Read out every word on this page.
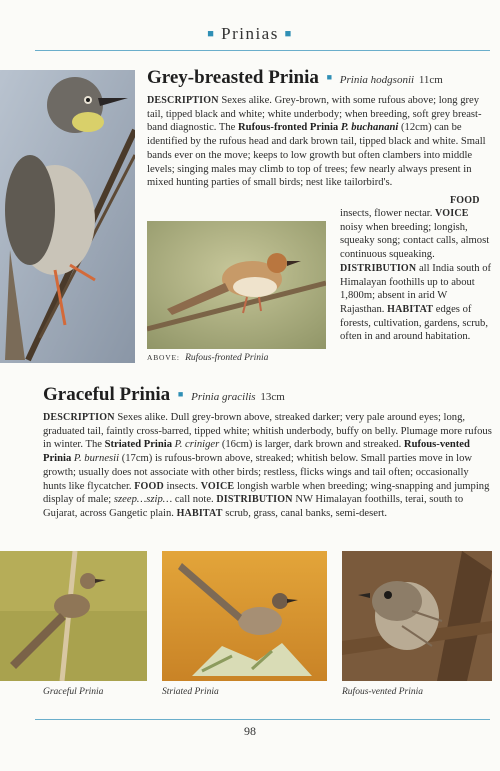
■ Prinias ■
Grey-breasted Prinia ■ Prinia hodgsonii 11cm
DESCRIPTION Sexes alike. Grey-brown, with some rufous above; long grey tail, tipped black and white; white underbody; when breeding, soft grey breast-band diagnostic. The Rufous-fronted Prinia P. buchanani (12cm) can be identified by the rufous head and dark brown tail, tipped black and white. Small bands ever on the move; keeps to low growth but often clambers into middle levels; singing males may climb to top of trees; few nearly always present in mixed hunting parties of small birds; nest like tailorbird's.
ABOVE: Rufous-fronted Prinia
insects, flower nectar. VOICE noisy when breeding; longish, squeaky song; contact calls, almost continuous squeaking. DISTRIBUTION all India south of Himalayan foothills up to about 1,800m; absent in arid W Rajasthan. HABITAT edges of forests, cultivation, gardens, scrub, often in and around habitation.
FOOD
Graceful Prinia ■ Prinia gracilis 13cm
DESCRIPTION Sexes alike. Dull grey-brown above, streaked darker; very pale around eyes; long, graduated tail, faintly cross-barred, tipped white; whitish underbody, buffy on belly. Plumage more rufous in winter. The Striated Prinia P. criniger (16cm) is larger, dark brown and streaked. Rufous-vented Prinia P. burnesii (17cm) is rufous-brown above, streaked; whitish below. Small parties move in low growth; usually does not associate with other birds; restless, flicks wings and tail often; occasionally hunts like flycatcher. FOOD insects. VOICE longish warble when breeding; wing-snapping and jumping display of male; szeep…szip… call note. DISTRIBUTION NW Himalayan foothills, terai, south to Gujarat, across Gangetic plain. HABITAT scrub, grass, canal banks, semi-desert.
Graceful Prinia	Striated Prinia	Rufous-vented Prinia
98
